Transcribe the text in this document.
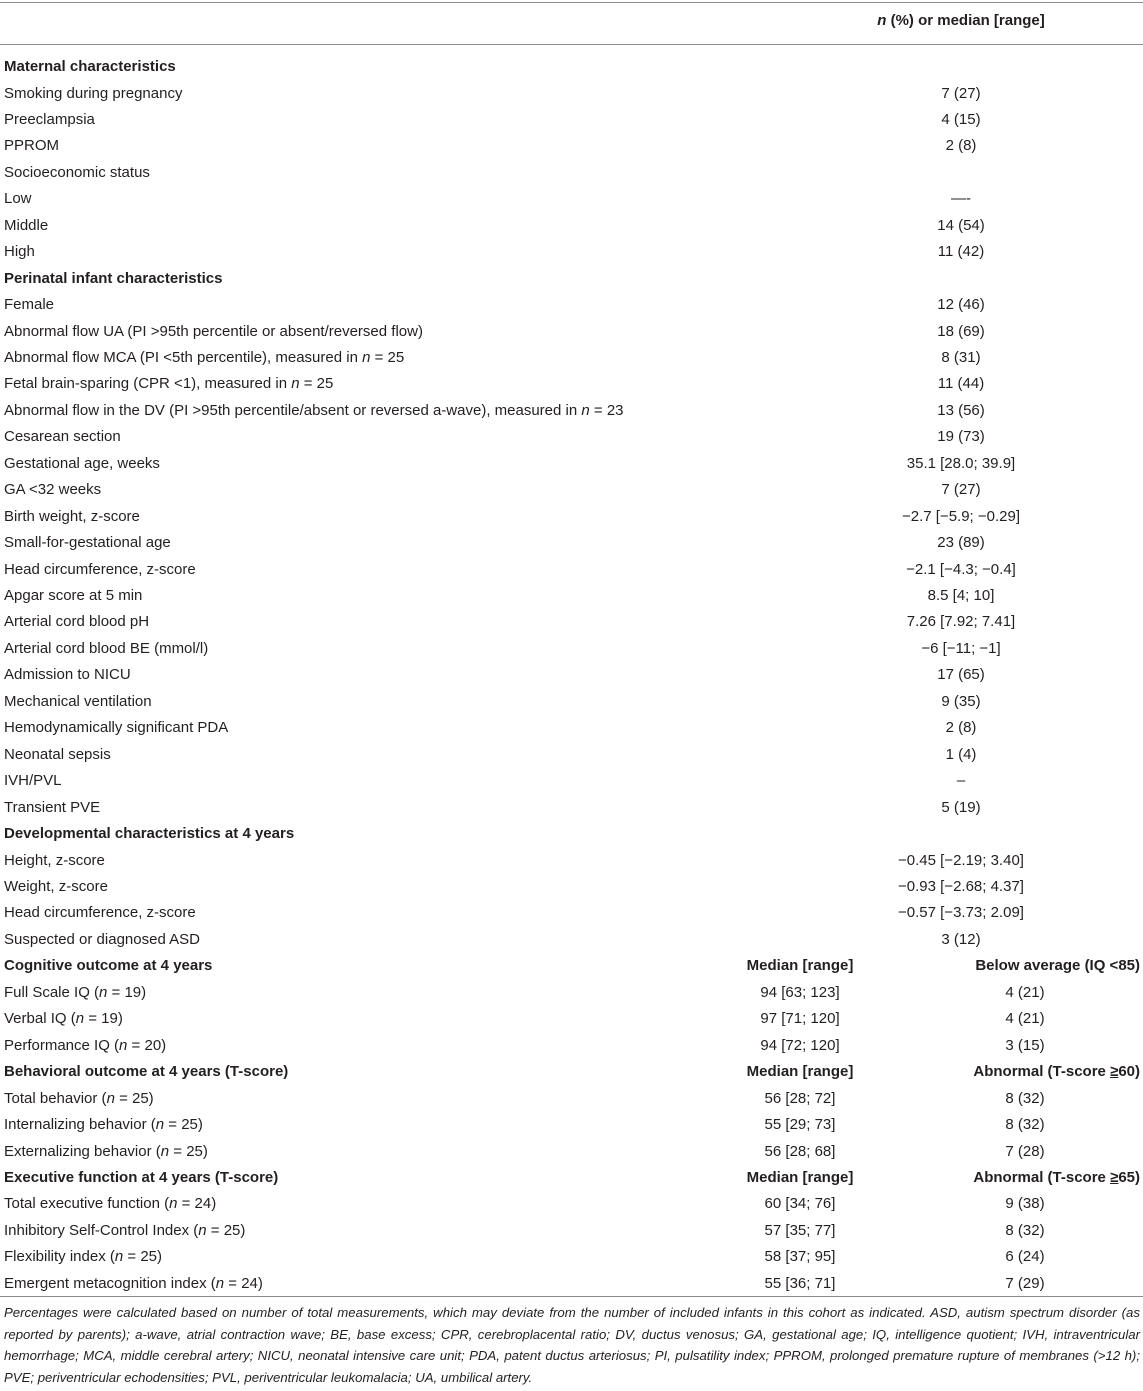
n (%) or median [range]
Maternal characteristics
Smoking during pregnancy	7 (27)
Preeclampsia	4 (15)
PPROM	2 (8)
Socioeconomic status
Low	—-
Middle	14 (54)
High	11 (42)
Perinatal infant characteristics
Female	12 (46)
Abnormal flow UA (PI >95th percentile or absent/reversed flow)	18 (69)
Abnormal flow MCA (PI <5th percentile), measured in n = 25	8 (31)
Fetal brain-sparing (CPR <1), measured in n = 25	11 (44)
Abnormal flow in the DV (PI >95th percentile/absent or reversed a-wave), measured in n = 23	13 (56)
Cesarean section	19 (73)
Gestational age, weeks	35.1 [28.0; 39.9]
GA <32 weeks	7 (27)
Birth weight, z-score	−2.7 [−5.9; −0.29]
Small-for-gestational age	23 (89)
Head circumference, z-score	−2.1 [−4.3; −0.4]
Apgar score at 5 min	8.5 [4; 10]
Arterial cord blood pH	7.26 [7.92; 7.41]
Arterial cord blood BE (mmol/l)	−6 [−11; −1]
Admission to NICU	17 (65)
Mechanical ventilation	9 (35)
Hemodynamically significant PDA	2 (8)
Neonatal sepsis	1 (4)
IVH/PVL	–
Transient PVE	5 (19)
Developmental characteristics at 4 years
Height, z-score	−0.45 [−2.19; 3.40]
Weight, z-score	−0.93 [−2.68; 4.37]
Head circumference, z-score	−0.57 [−3.73; 2.09]
Suspected or diagnosed ASD	3 (12)
Cognitive outcome at 4 years	Median [range]	Below average (IQ <85)
Full Scale IQ (n = 19)	94 [63; 123]	4 (21)
Verbal IQ (n = 19)	97 [71; 120]	4 (21)
Performance IQ (n = 20)	94 [72; 120]	3 (15)
Behavioral outcome at 4 years (T-score)	Median [range]	Abnormal (T-score ≥60)
Total behavior (n = 25)	56 [28; 72]	8 (32)
Internalizing behavior (n = 25)	55 [29; 73]	8 (32)
Externalizing behavior (n = 25)	56 [28; 68]	7 (28)
Executive function at 4 years (T-score)	Median [range]	Abnormal (T-score ≥65)
Total executive function (n = 24)	60 [34; 76]	9 (38)
Inhibitory Self-Control Index (n = 25)	57 [35; 77]	8 (32)
Flexibility index (n = 25)	58 [37; 95]	6 (24)
Emergent metacognition index (n = 24)	55 [36; 71]	7 (29)
Percentages were calculated based on number of total measurements, which may deviate from the number of included infants in this cohort as indicated. ASD, autism spectrum disorder (as reported by parents); a-wave, atrial contraction wave; BE, base excess; CPR, cerebroplacental ratio; DV, ductus venosus; GA, gestational age; IQ, intelligence quotient; IVH, intraventricular hemorrhage; MCA, middle cerebral artery; NICU, neonatal intensive care unit; PDA, patent ductus arteriosus; PI, pulsatility index; PPROM, prolonged premature rupture of membranes (>12 h); PVE; periventricular echodensities; PVL, periventricular leukomalacia; UA, umbilical artery.
